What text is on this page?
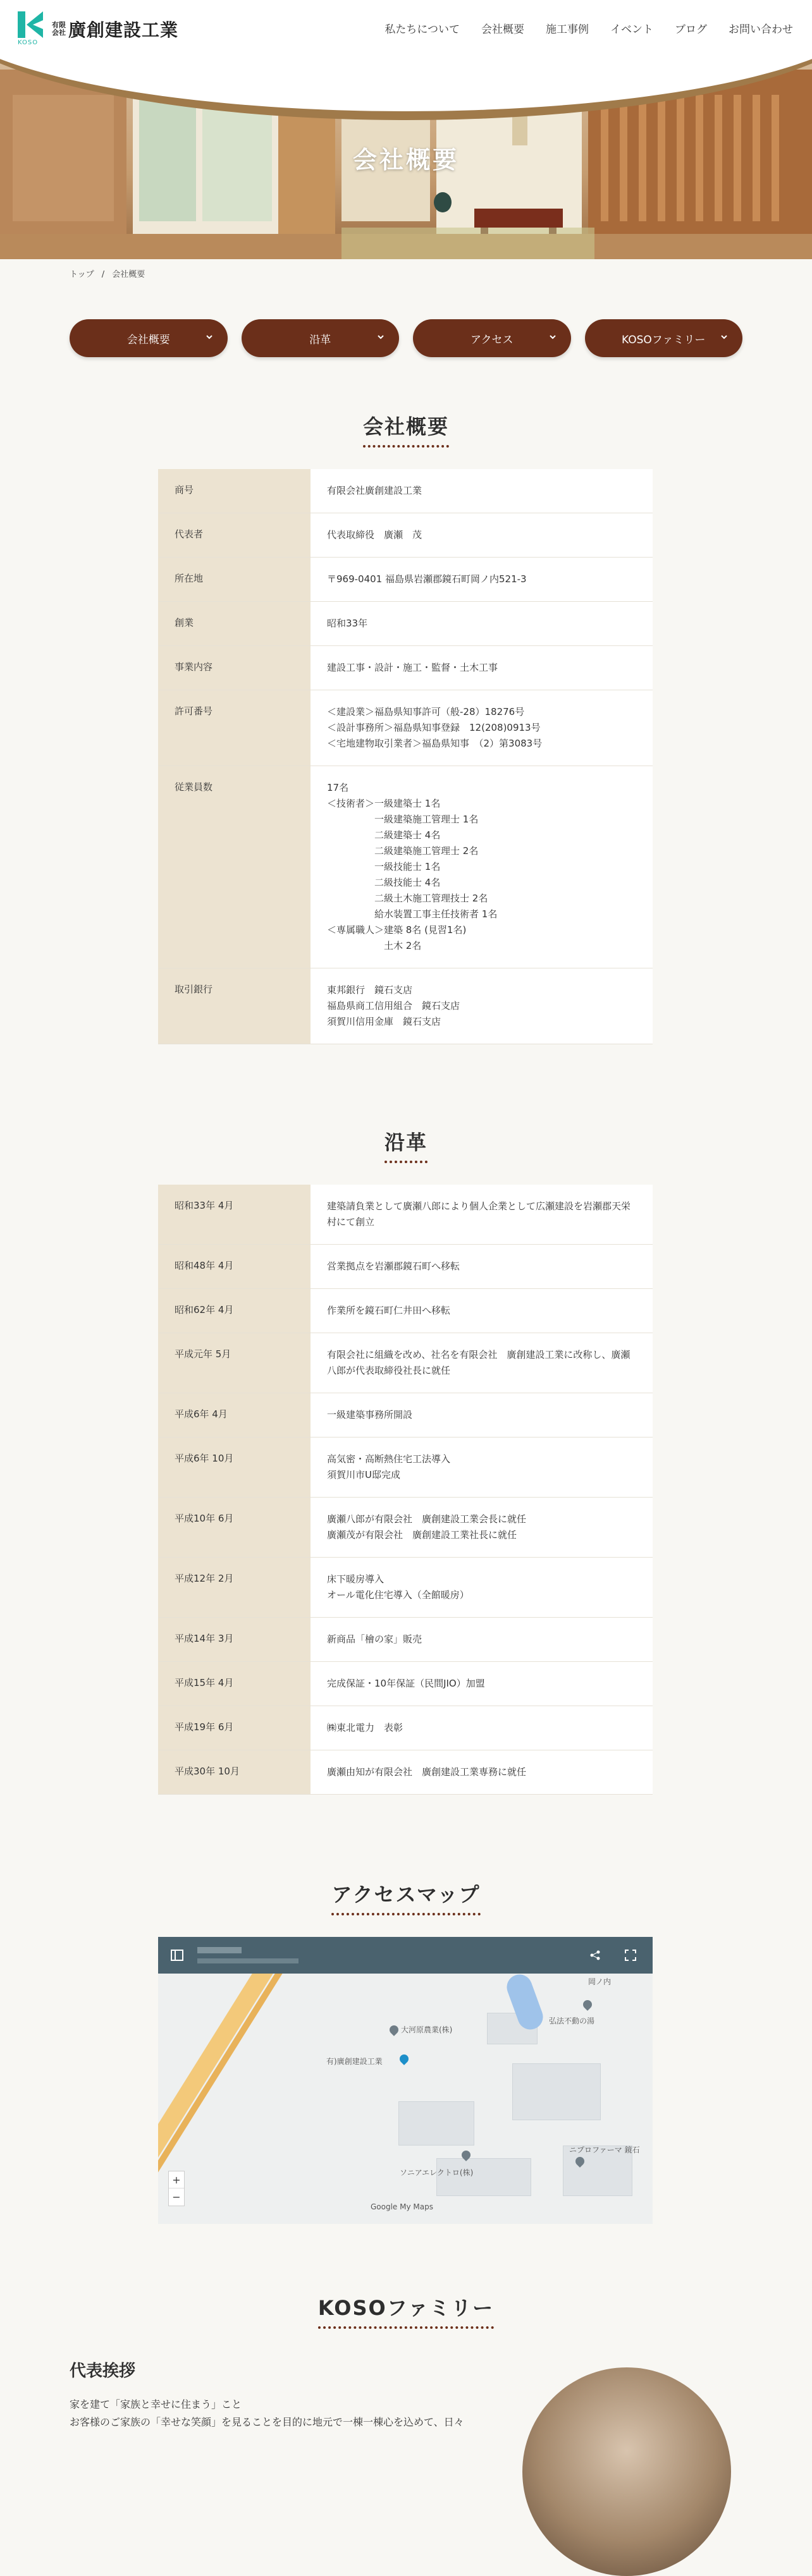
KOSO
有限
会社 廣創建設工業	私たちについて 会社概要 施工事例 イベント ブログ お問い合わせ
会社概要
トップ / 会社概要
会社概要	沿革	アクセス	KOSOファミリー
会社概要
商号	有限会社廣創建設工業
代表者	代表取締役　廣瀬　茂
所在地	〒969-0401 福島県岩瀬郡鏡石町岡ノ内521-3
創業	昭和33年
事業内容	建設工事・設計・施工・監督・土木工事
許可番号	＜建設業＞福島県知事許可（般-28）18276号
＜設計事務所＞福島県知事登録　12(208)0913号
＜宅地建物取引業者＞福島県知事　（2）第3083号
従業員数	17名
＜技術者＞一級建築士 1名
　　　　　一級建築施工管理士 1名
　　　　　二級建築士 4名
　　　　　二級建築施工管理士 2名
　　　　　一級技能士 1名
　　　　　二級技能士 4名
　　　　　二級土木施工管理技士 2名
　　　　　給水装置工事主任技術者 1名
＜専属職人＞建築 8名 (見習1名)
　　　　　　土木 2名
取引銀行	東邦銀行　鏡石支店
福島県商工信用組合　鏡石支店
須賀川信用金庫　鏡石支店
沿革
昭和33年 4月	建築請負業として廣瀬八郎により個人企業として広瀬建設を岩瀬郡天栄村にて創立
昭和48年 4月	営業拠点を岩瀬郡鏡石町へ移転
昭和62年 4月	作業所を鏡石町仁井田へ移転
平成元年 5月	有限会社に組織を改め、社名を有限会社　廣創建設工業に改称し、廣瀬八郎が代表取締役社長に就任
平成6年 4月	一級建築事務所開設
平成6年 10月	高気密・高断熱住宅工法導入
須賀川市U邸完成
平成10年 6月	廣瀬八郎が有限会社　廣創建設工業会長に就任
廣瀬茂が有限会社　廣創建設工業社長に就任
平成12年 2月	床下暖房導入
オール電化住宅導入（全館暖房）
平成14年 3月	新商品「檜の家」販売
平成15年 4月	完成保証・10年保証（民間JIO）加盟
平成19年 6月	㈱東北電力　表彰
平成30年 10月	廣瀬由知が有限会社　廣創建設工業専務に就任
アクセスマップ
大河原農業(株)
有)廣創建設工業
弘法不動の湯
ソニアエレクトロ(株)
ニプロファーマ 鏡石
岡ノ内
+
−
Google My Maps
KOSOファミリー
代表挨拶
家を建て「家族と幸せに住まう」こと
お客様のご家族の「幸せな笑顔」を見ることを目的に地元で一棟一棟心を込めて、日々
